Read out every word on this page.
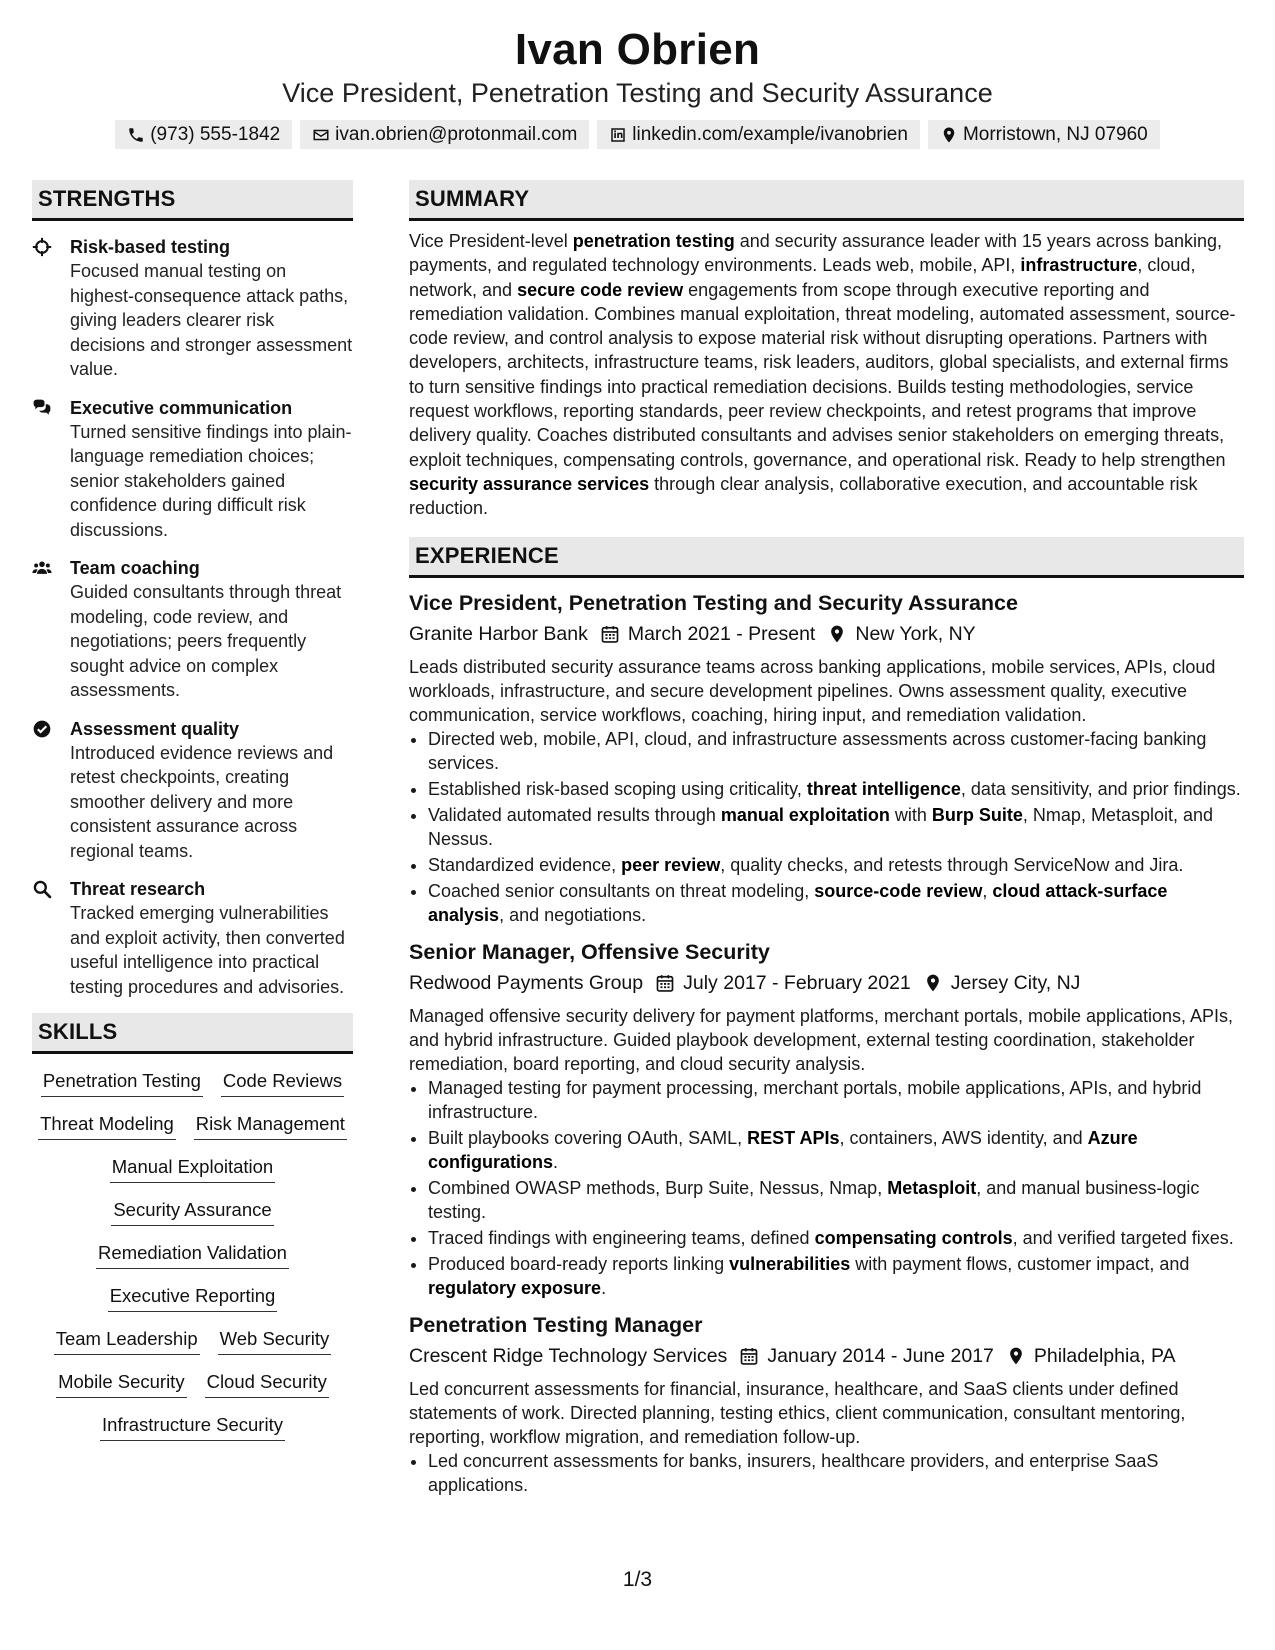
Ivan Obrien
Vice President, Penetration Testing and Security Assurance
(973) 555-1842	ivan.obrien@protonmail.com	linkedin.com/example/ivanobrien	Morristown, NJ 07960
STRENGTHS
Risk-based testing
Focused manual testing on highest-consequence attack paths, giving leaders clearer risk decisions and stronger assessment value.
Executive communication
Turned sensitive findings into plain-language remediation choices; senior stakeholders gained confidence during difficult risk discussions.
Team coaching
Guided consultants through threat modeling, code review, and negotiations; peers frequently sought advice on complex assessments.
Assessment quality
Introduced evidence reviews and retest checkpoints, creating smoother delivery and more consistent assurance across regional teams.
Threat research
Tracked emerging vulnerabilities and exploit activity, then converted useful intelligence into practical testing procedures and advisories.
SKILLS
Penetration Testing Code Reviews
Threat Modeling Risk Management
Manual Exploitation
Security Assurance
Remediation Validation
Executive Reporting
Team Leadership Web Security
Mobile Security Cloud Security
Infrastructure Security
SUMMARY
Vice President-level penetration testing and security assurance leader with 15 years across banking, payments, and regulated technology environments. Leads web, mobile, API, infrastructure, cloud, network, and secure code review engagements from scope through executive reporting and remediation validation. Combines manual exploitation, threat modeling, automated assessment, source-code review, and control analysis to expose material risk without disrupting operations. Partners with developers, architects, infrastructure teams, risk leaders, auditors, global specialists, and external firms to turn sensitive findings into practical remediation decisions. Builds testing methodologies, service request workflows, reporting standards, peer review checkpoints, and retest programs that improve delivery quality. Coaches distributed consultants and advises senior stakeholders on emerging threats, exploit techniques, compensating controls, governance, and operational risk. Ready to help strengthen security assurance services through clear analysis, collaborative execution, and accountable risk reduction.
EXPERIENCE
Vice President, Penetration Testing and Security Assurance
Granite Harbor Bank March 2021 - Present New York, NY
Leads distributed security assurance teams across banking applications, mobile services, APIs, cloud workloads, infrastructure, and secure development pipelines. Owns assessment quality, executive communication, service workflows, coaching, hiring input, and remediation validation.
• Directed web, mobile, API, cloud, and infrastructure assessments across customer-facing banking services.
• Established risk-based scoping using criticality, threat intelligence, data sensitivity, and prior findings.
• Validated automated results through manual exploitation with Burp Suite, Nmap, Metasploit, and Nessus.
• Standardized evidence, peer review, quality checks, and retests through ServiceNow and Jira.
• Coached senior consultants on threat modeling, source-code review, cloud attack-surface analysis, and negotiations.
Senior Manager, Offensive Security
Redwood Payments Group July 2017 - February 2021 Jersey City, NJ
Managed offensive security delivery for payment platforms, merchant portals, mobile applications, APIs, and hybrid infrastructure. Guided playbook development, external testing coordination, stakeholder remediation, board reporting, and cloud security analysis.
• Managed testing for payment processing, merchant portals, mobile applications, APIs, and hybrid infrastructure.
• Built playbooks covering OAuth, SAML, REST APIs, containers, AWS identity, and Azure configurations.
• Combined OWASP methods, Burp Suite, Nessus, Nmap, Metasploit, and manual business-logic testing.
• Traced findings with engineering teams, defined compensating controls, and verified targeted fixes.
• Produced board-ready reports linking vulnerabilities with payment flows, customer impact, and regulatory exposure.
Penetration Testing Manager
Crescent Ridge Technology Services January 2014 - June 2017 Philadelphia, PA
Led concurrent assessments for financial, insurance, healthcare, and SaaS clients under defined statements of work. Directed planning, testing ethics, client communication, consultant mentoring, reporting, workflow migration, and remediation follow-up.
• Led concurrent assessments for banks, insurers, healthcare providers, and enterprise SaaS applications.
1/3
